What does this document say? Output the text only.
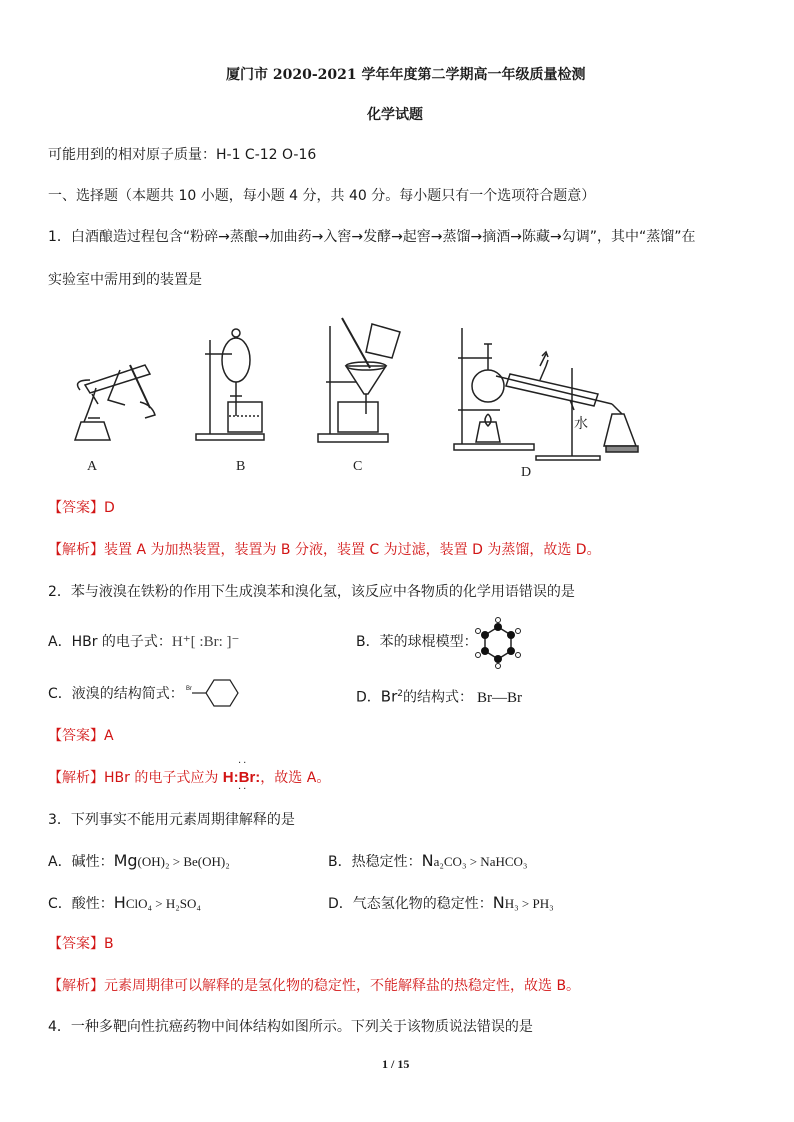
厦门市 2020-2021 学年年度第二学期高一年级质量检测
化学试题
可能用到的相对原子质量：H-1 C-12 O-16
一、选择题（本题共 10 小题，每小题 4 分，共 40 分。每小题只有一个选项符合题意）
1．白酒酿造过程包含“粉碎→蒸酿→加曲药→入窖→发酵→起窖→蒸馏→摘酒→陈藏→勾调”，其中“蒸馏”在
实验室中需用到的装置是
水
A	B	C	D
【答案】D
【解析】装置 A 为加热装置，装置为 B 分液，装置 C 为过滤，装置 D 为蒸馏，故选 D。
2．苯与液溴在铁粉的作用下生成溴苯和溴化氢，该反应中各物质的化学用语错误的是
A．HBr 的电子式：H⁺[ :Br: ]⁻	B．苯的球棍模型：
C．液溴的结构简式： Br
D．Br$^2$的结构式： Br—Br
【答案】A
【解析】HBr 的电子式应为 H:Br:，故选 A。
··
··
3．下列事实不能用元素周期律解释的是
A．碱性：Mg(OH)₂ > Be(OH)₂	B．热稳定性：Na₂CO₃ > NaHCO₃
C．酸性：HClO₄ > H₂SO₄	D．气态氢化物的稳定性：NH₃ > PH₃
【答案】B
【解析】元素周期律可以解释的是氢化物的稳定性，不能解释盐的热稳定性，故选 B。
4．一种多靶向性抗癌药物中间体结构如图所示。下列关于该物质说法错误的是
1 / 15
